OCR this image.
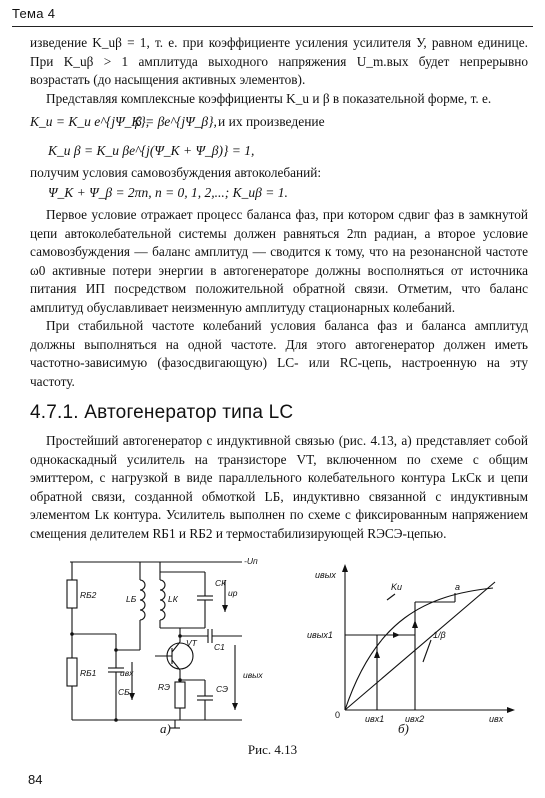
Тема 4
изведение K_uβ = 1, т. е. при коэффициенте усиления усилителя У, равном единице. При K_uβ > 1 амплитуда выходного напряжения U_m.вых будет непрерывно возрастать (до насыщения активных элементов).
Представляя комплексные коэффициенты K_u и β в показательной форме, т. е.
K_u = K_u e^{jΨ_K},
β = βe^{jΨ_β}, и их произведение
K_u β = K_u βe^{j(Ψ_K + Ψ_β)} = 1,
получим условия самовозбуждения автоколебаний:
Ψ_K + Ψ_β = 2πn, n = 0, 1, 2,...; K_uβ = 1.
Первое условие отражает процесс баланса фаз, при котором сдвиг фаз в замкнутой цепи автоколебательной системы должен равняться 2πn радиан, а второе условие самовозбуждения — баланс амплитуд — сводится к тому, что на резонансной частоте ω0 активные потери энергии в автогенераторе должны восполняться от источника питания ИП посредством положительной обратной связи. Отметим, что баланс амплитуд обуславливает неизменную амплитуду стационарных колебаний.
При стабильной частоте колебаний условия баланса фаз и баланса амплитуд должны выполняться на одной частоте. Для этого автогенератор должен иметь частотно-зависимую (фазосдвигающую) LC- или RC-цепь, настроенную на эту частоту.
4.7.1. Автогенератор типа LC
Простейший автогенератор с индуктивной связью (рис. 4.13, а) представляет собой однокаскадный усилитель на транзисторе VT, включенном по схеме с общим эмиттером, с нагрузкой в виде параллельного колебательного контура LкCк и цепи обратной связи, созданной обмоткой LБ, индуктивно связанной с индуктивным элементом Lк контура. Усилитель выполнен по схеме с фиксированным напряжением смещения делителем RБ1 и RБ2 и термостабилизирующей RЭCЭ-цепью.
-Uп
RБ2
RБ1
LБ	LК
CК
uр
VT C1
uвх
CБ	RЭ	CЭ
uвых
а)
uвых
uвх
0
Ku
1/β
а
uвых1
uвх1 uвх2
б)
Рис. 4.13
84
